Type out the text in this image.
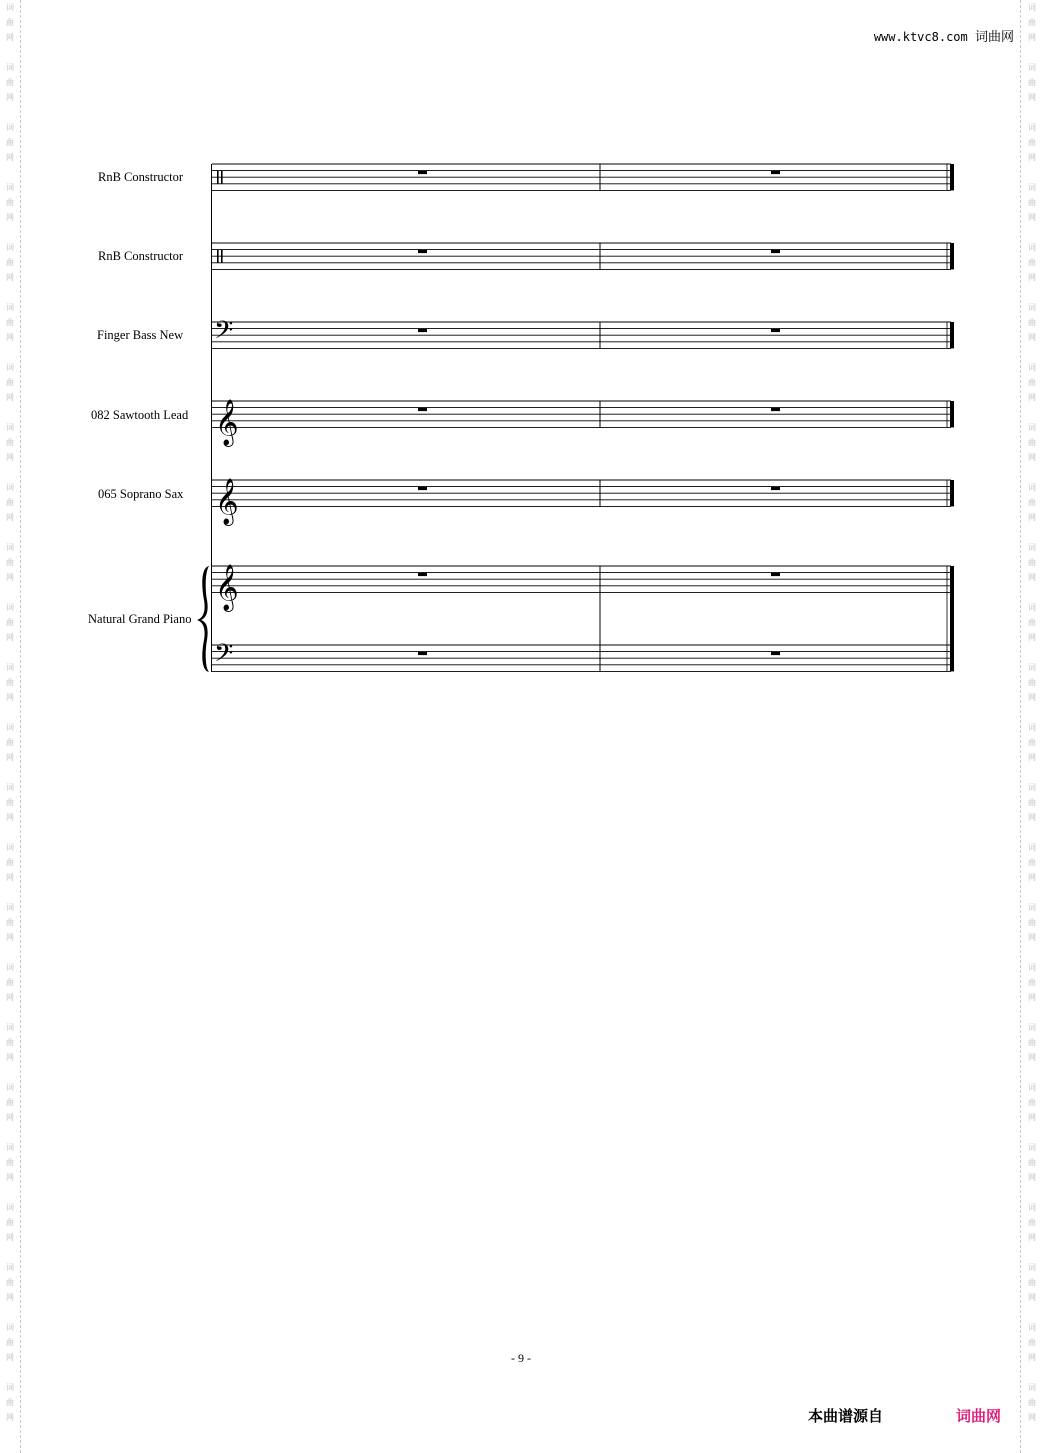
词
曲
网
词
曲
网
词
曲
网
词
曲
网
词
曲
网
词
曲
网
词
曲
网
词
曲
网
词
曲
网
词
曲
网
词
曲
网
词
曲
网
词
曲
网
词
曲
网
词
曲
网
词
曲
网
词
曲
网
词
曲
网
词
曲
网
词
曲
网
词
曲
网
词
曲
网
词
曲
网
词
曲
网
词
曲
网
词
曲
网
词
曲
网
词
曲
网
词
曲
网
词
曲
网
词
曲
网
词
曲
网
词
曲
网
词
曲
网
词
曲
网
词
曲
网
词
曲
网
词
曲
网
词
曲
网
词
曲
网
词
曲
网
词
曲
网
词
曲
网
词
曲
网
词
曲
网
词
曲
网
词
曲
网
词
曲
网
www.ktvc8.com 词曲网
RnB Constructor
RnB Constructor
Finger Bass New
082 Sawtooth Lead
065 Soprano Sax
Natural Grand Piano
𝄢
𝄞
𝄞
𝄞
𝄢
- 9 -
本曲谱源自	词曲网
